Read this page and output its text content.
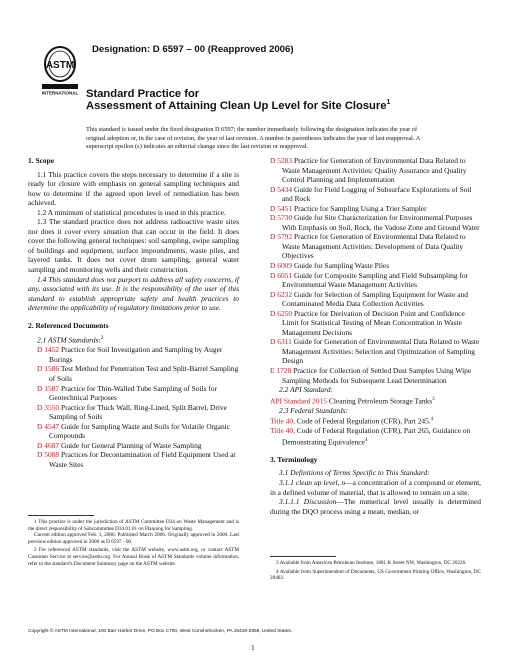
ASTM
INTERNATIONAL
Designation: D 6597 – 00 (Reapproved 2006)
Standard Practice for
Assessment of Attaining Clean Up Level for Site Closure$^1$
This standard is issued under the fixed designation D 6597; the number immediately following the designation indicates the year of original adoption or, in the case of revision, the year of last revision. A number in parentheses indicates the year of last reapproval. A superscript epsilon (ε) indicates an editorial change since the last revision or reapproval.
1. Scope

1.1 This practice covers the steps necessary to determine if a site is ready for closure with emphasis on general sampling techniques and how to determine if the agreed upon level of remediation has been achieved.

1.2 A minimum of statistical procedures is used in this practice.

1.3 The standard practice does not address radioactive waste sites nor does it cover every situation that can occur in the field. It does cover the following general techniques: soil sampling, swipe sampling of buildings and equipment, surface impoundments, waste piles, and layered tanks. It does not cover drum sampling, general water sampling and monitoring wells and their construction.

1.4 This standard does not purport to address all safety concerns, if any, associated with its use. It is the responsibility of the user of this standard to establish appropriate safety and health practices to determine the applicability of regulatory limitations prior to use.

2. Referenced Documents

2.1 ASTM Standards:$^2$

D 1452 Practice for Soil Investigation and Sampling by Auger Borings
D 1586 Test Method for Penetration Test and Split-Barrel Sampling of Soils
D 1587 Practice for Thin-Walled Tube Sampling of Soils for Geotechnical Purposes
D 3550 Practice for Thick Wall, Ring-Lined, Split Barrel, Drive Sampling of Soils
D 4547 Guide for Sampling Waste and Soils for Volatile Organic Compounds
D 4687 Guide for General Planning of Waste Sampling
D 5088 Practices for Decontamination of Field Equipment Used at Waste Sites

1 This practice is under the jurisdiction of ASTM Committee D34 on Waste Management and is the direct responsibility of Subcommittee D34.01.01 on Planning for Sampling.

Current edition approved Feb. 1, 2006. Published March 2006. Originally approved in 2000. Last previous edition approved in 2000 as D 6597 - 00.

2 For referenced ASTM standards, visit the ASTM website, www.astm.org, or contact ASTM Customer Service at service@astm.org. For Annual Book of ASTM Standards volume information, refer to the standard's Document Summary page on the ASTM website.

D 5283 Practice for Generation of Environmental Data Related to Waste Management Activities: Quality Assurance and Quality Control Planning and Implementation
D 5434 Guide for Field Logging of Subsurface Explorations of Soil and Rock
D 5451 Practice for Sampling Using a Trier Sampler
D 5730 Guide for Site Characterization for Environmental Purposes With Emphasis on Soil, Rock, the Vadose Zone and Ground Water
D 5792 Practice for Generation of Environmental Data Related to Waste Management Activities: Development of Data Quality Objectives
D 6009 Guide for Sampling Waste Piles
D 6051 Guide for Composite Sampling and Field Subsampling for Environmental Waste Management Activities
D 6232 Guide for Selection of Sampling Equipment for Waste and Contaminated Media Data Collection Activities
D 6250 Practice for Derivation of Decision Point and Confidence Limit for Statistical Testing of Mean Concentration in Waste Management Decisions
D 6311 Guide for Generation of Environmental Data Related to Waste Management Activities: Selection and Optimization of Sampling Design
E 1728 Practice for Collection of Settled Dust Samples Using Wipe Sampling Methods for Subsequent Lead Determination

2.2 API Standard:

API Standard 2015 Cleaning Petroleum Storage Tanks$^3$

2.3 Federal Standards:

Title 40, Code of Federal Regulation (CFR), Part 245.$^4$
Title 40, Code of Federal Regulation (CFR), Part 265, Guidance on Demonstrating Equivalence$^4$
3. Terminology

3.1 Definitions of Terms Specific to This Standard:

3.1.1 clean up level, n—a concentration of a compound or element, in a defined volume of material, that is allowed to remain on a site.

3.1.1.1 Discussion—The numerical level usually is determined during the DQO process using a mean, median, or

3 Available from American Petroleum Institute, 1801 K Street NW, Washington, DC 20226.

4 Available from Superintendent of Documents, US Government Printing Office, Washington, DC 20402.

Copyright © ASTM International, 100 Barr Harbor Drive, PO Box C700, West Conshohocken, PA 19428-2959, United States.
1
